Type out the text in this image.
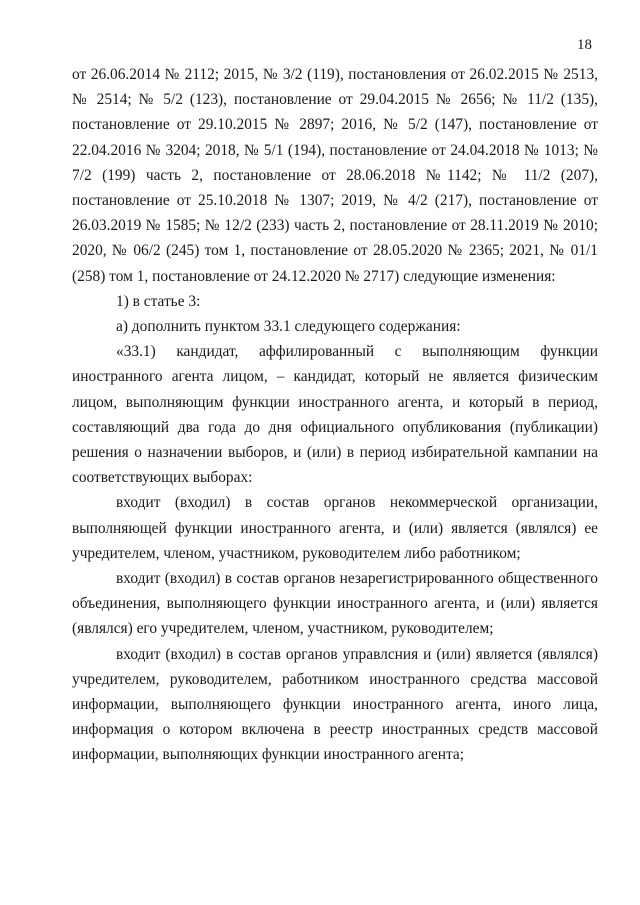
18

от 26.06.2014 № 2112; 2015, № 3/2 (119), постановления от 26.02.2015 № 2513, № 2514; № 5/2 (123), постановление от 29.04.2015 № 2656; № 11/2 (135), постановление от 29.10.2015 № 2897; 2016, № 5/2 (147), постановление от 22.04.2016 № 3204; 2018, № 5/1 (194), постановление от 24.04.2018 № 1013; № 7/2 (199) часть 2, постановление от 28.06.2018 №1142; № 11/2 (207), постановление от 25.10.2018 № 1307; 2019, № 4/2 (217), постановление от 26.03.2019 № 1585; № 12/2 (233) часть 2, постановление от 28.11.2019 № 2010; 2020, № 06/2 (245) том 1, постановление от 28.05.2020 № 2365; 2021, № 01/1 (258) том 1, постановление от 24.12.2020 № 2717) следующие изменения:

1) в статье 3:

а) дополнить пунктом 33.1 следующего содержания:

«33.1) кандидат, аффилированный с выполняющим функции иностранного агента лицом, – кандидат, который не является физическим лицом, выполняющим функции иностранного агента, и который в период, составляющий два года до дня официального опубликования (публикации) решения о назначении выборов, и (или) в период избирательной кампании на соответствующих выборах:

входит (входил) в состав органов некоммерческой организации, выполняющей функции иностранного агента, и (или) является (являлся) ее учредителем, членом, участником, руководителем либо работником;

входит (входил) в состав органов незарегистрированного общественного объединения, выполняющего функции иностранного агента, и (или) является (являлся) его учредителем, членом, участником, руководителем;

входит (входил) в состав органов управлсния и (или) является (являлся) учредителем, руководителем, работником иностранного средства массовой информации, выполняющего функции иностранного агента, иного лица, информация о котором включена в реестр иностранных средств массовой информации, выполняющих функции иностранного агента;
